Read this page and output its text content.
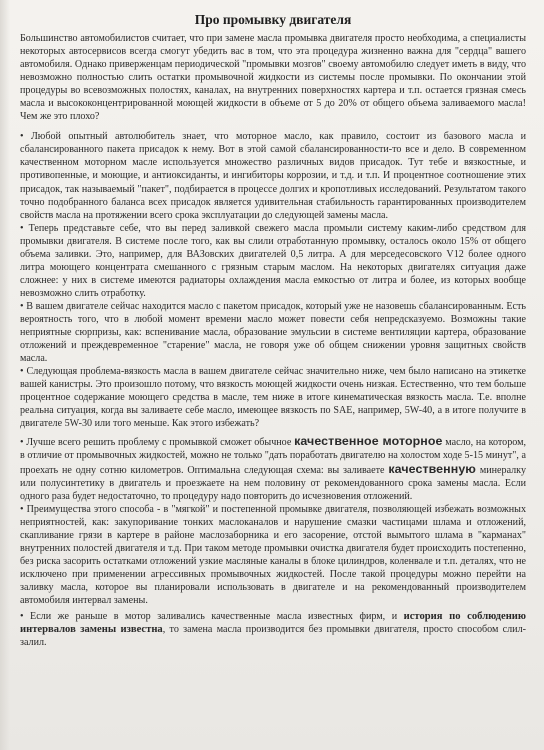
Про промывку двигателя

Большинство автомобилистов считает, что при замене масла промывка двигателя просто необходима, а специалисты некоторых автосервисов всегда смогут убедить вас в том, что эта процедура жизненно важна для "сердца" вашего автомобиля. Однако приверженцам периодической "промывки мозгов" своему автомобилю следует иметь в виду, что невозможно полностью слить остатки промывочной жидкости из системы после промывки. По окончании этой процедуры во всевозможных полостях, каналах, на внутренних поверхностях картера и т.п. остается грязная смесь масла и высококонцентрированной моющей жидкости в объеме от 5 до 20% от общего объема заливаемого масла! Чем же это плохо?

• Любой опытный автолюбитель знает, что моторное масло, как правило, состоит из базового масла и сбалансированного пакета присадок к нему. Вот в этой самой сбалансированности-то все и дело. В современном качественном моторном масле используется множество различных видов присадок. Тут тебе и вязкостные, и противопенные, и моющие, и антиоксиданты, и ингибиторы коррозии, и т.д. и т.п. И процентное соотношение этих присадок, так называемый "пакет", подбирается в процессе долгих и кропотливых исследований. Результатом такого точно подобранного баланса всех присадок является удивительная стабильность гарантированных производителем свойств масла на протяжении всего срока эксплуатации до следующей замены масла.

• Теперь представьте себе, что вы перед заливкой свежего масла промыли систему каким-либо средством для промывки двигателя. В системе после того, как вы слили отработанную промывку, осталось около 15% от общего объема заливки. Это, например, для ВАЗовских двигателей 0,5 литра. А для мерседесовского V12 более одного литра моющего концентрата смешанного с грязным старым маслом. На некоторых двигателях ситуация даже сложнее: у них в системе имеются радиаторы охлаждения масла емкостью от литра и более, из которых вообще невозможно слить отработку.

• В вашем двигателе сейчас находится масло с пакетом присадок, который уже не назовешь сбалансированным. Есть вероятность того, что в любой момент времени масло может повести себя непредсказуемо. Возможны такие неприятные сюрпризы, как: вспенивание масла, образование эмульсии в системе вентиляции картера, образование отложений и преждевременное "старение" масла, не говоря уже об общем снижении уровня защитных свойств масла.

• Следующая проблема-вязкость масла в вашем двигателе сейчас значительно ниже, чем было написано на этикетке вашей канистры. Это произошло потому, что вязкость моющей жидкости очень низкая. Естественно, что тем больше процентное содержание моющего средства в масле, тем ниже в итоге кинематическая вязкость масла. Т.е. вполне реальна ситуация, когда вы заливаете себе масло, имеющее вязкость по SAE, например, 5W-40, а в итоге получите в двигателе 5W-30 или того меньше. Как этого избежать?

• Лучше всего решить проблему с промывкой сможет обычное качественное моторное масло, на котором, в отличие от промывочных жидкостей, можно не только "дать поработать двигателю на холостом ходе 5-15 минут", а проехать не одну сотню километров. Оптимальна следующая схема: вы заливаете качественную минералку или полусинтетику в двигатель и проезжаете на нем половину от рекомендованного срока замены масла. Если одного раза будет недостаточно, то процедуру надо повторить до исчезновения отложений.

• Преимущества этого способа - в "мягкой" и постепенной промывке двигателя, позволяющей избежать возможных неприятностей, как: закупоривание тонких маслоканалов и нарушение смазки частицами шлама и отложений, скапливание грязи в картере в районе маслозаборника и его засорение, отстой вымытого шлама в "карманах" внутренних полостей двигателя и т.д. При таком методе промывки очистка двигателя будет происходить постепенно, без риска засорить остатками отложений узкие масляные каналы в блоке цилиндров, коленвале и т.п. деталях, что не исключено при применении агрессивных промывочных жидкостей. После такой процедуры можно перейти на заливку масла, которое вы планировали использовать в двигателе и на рекомендованный производителем автомобиля интервал замены.

• Если же раньше в мотор заливались качественные масла известных фирм, и история по соблюдению интервалов замены известна, то замена масла производится без промывки двигателя, просто способом слил-залил.
